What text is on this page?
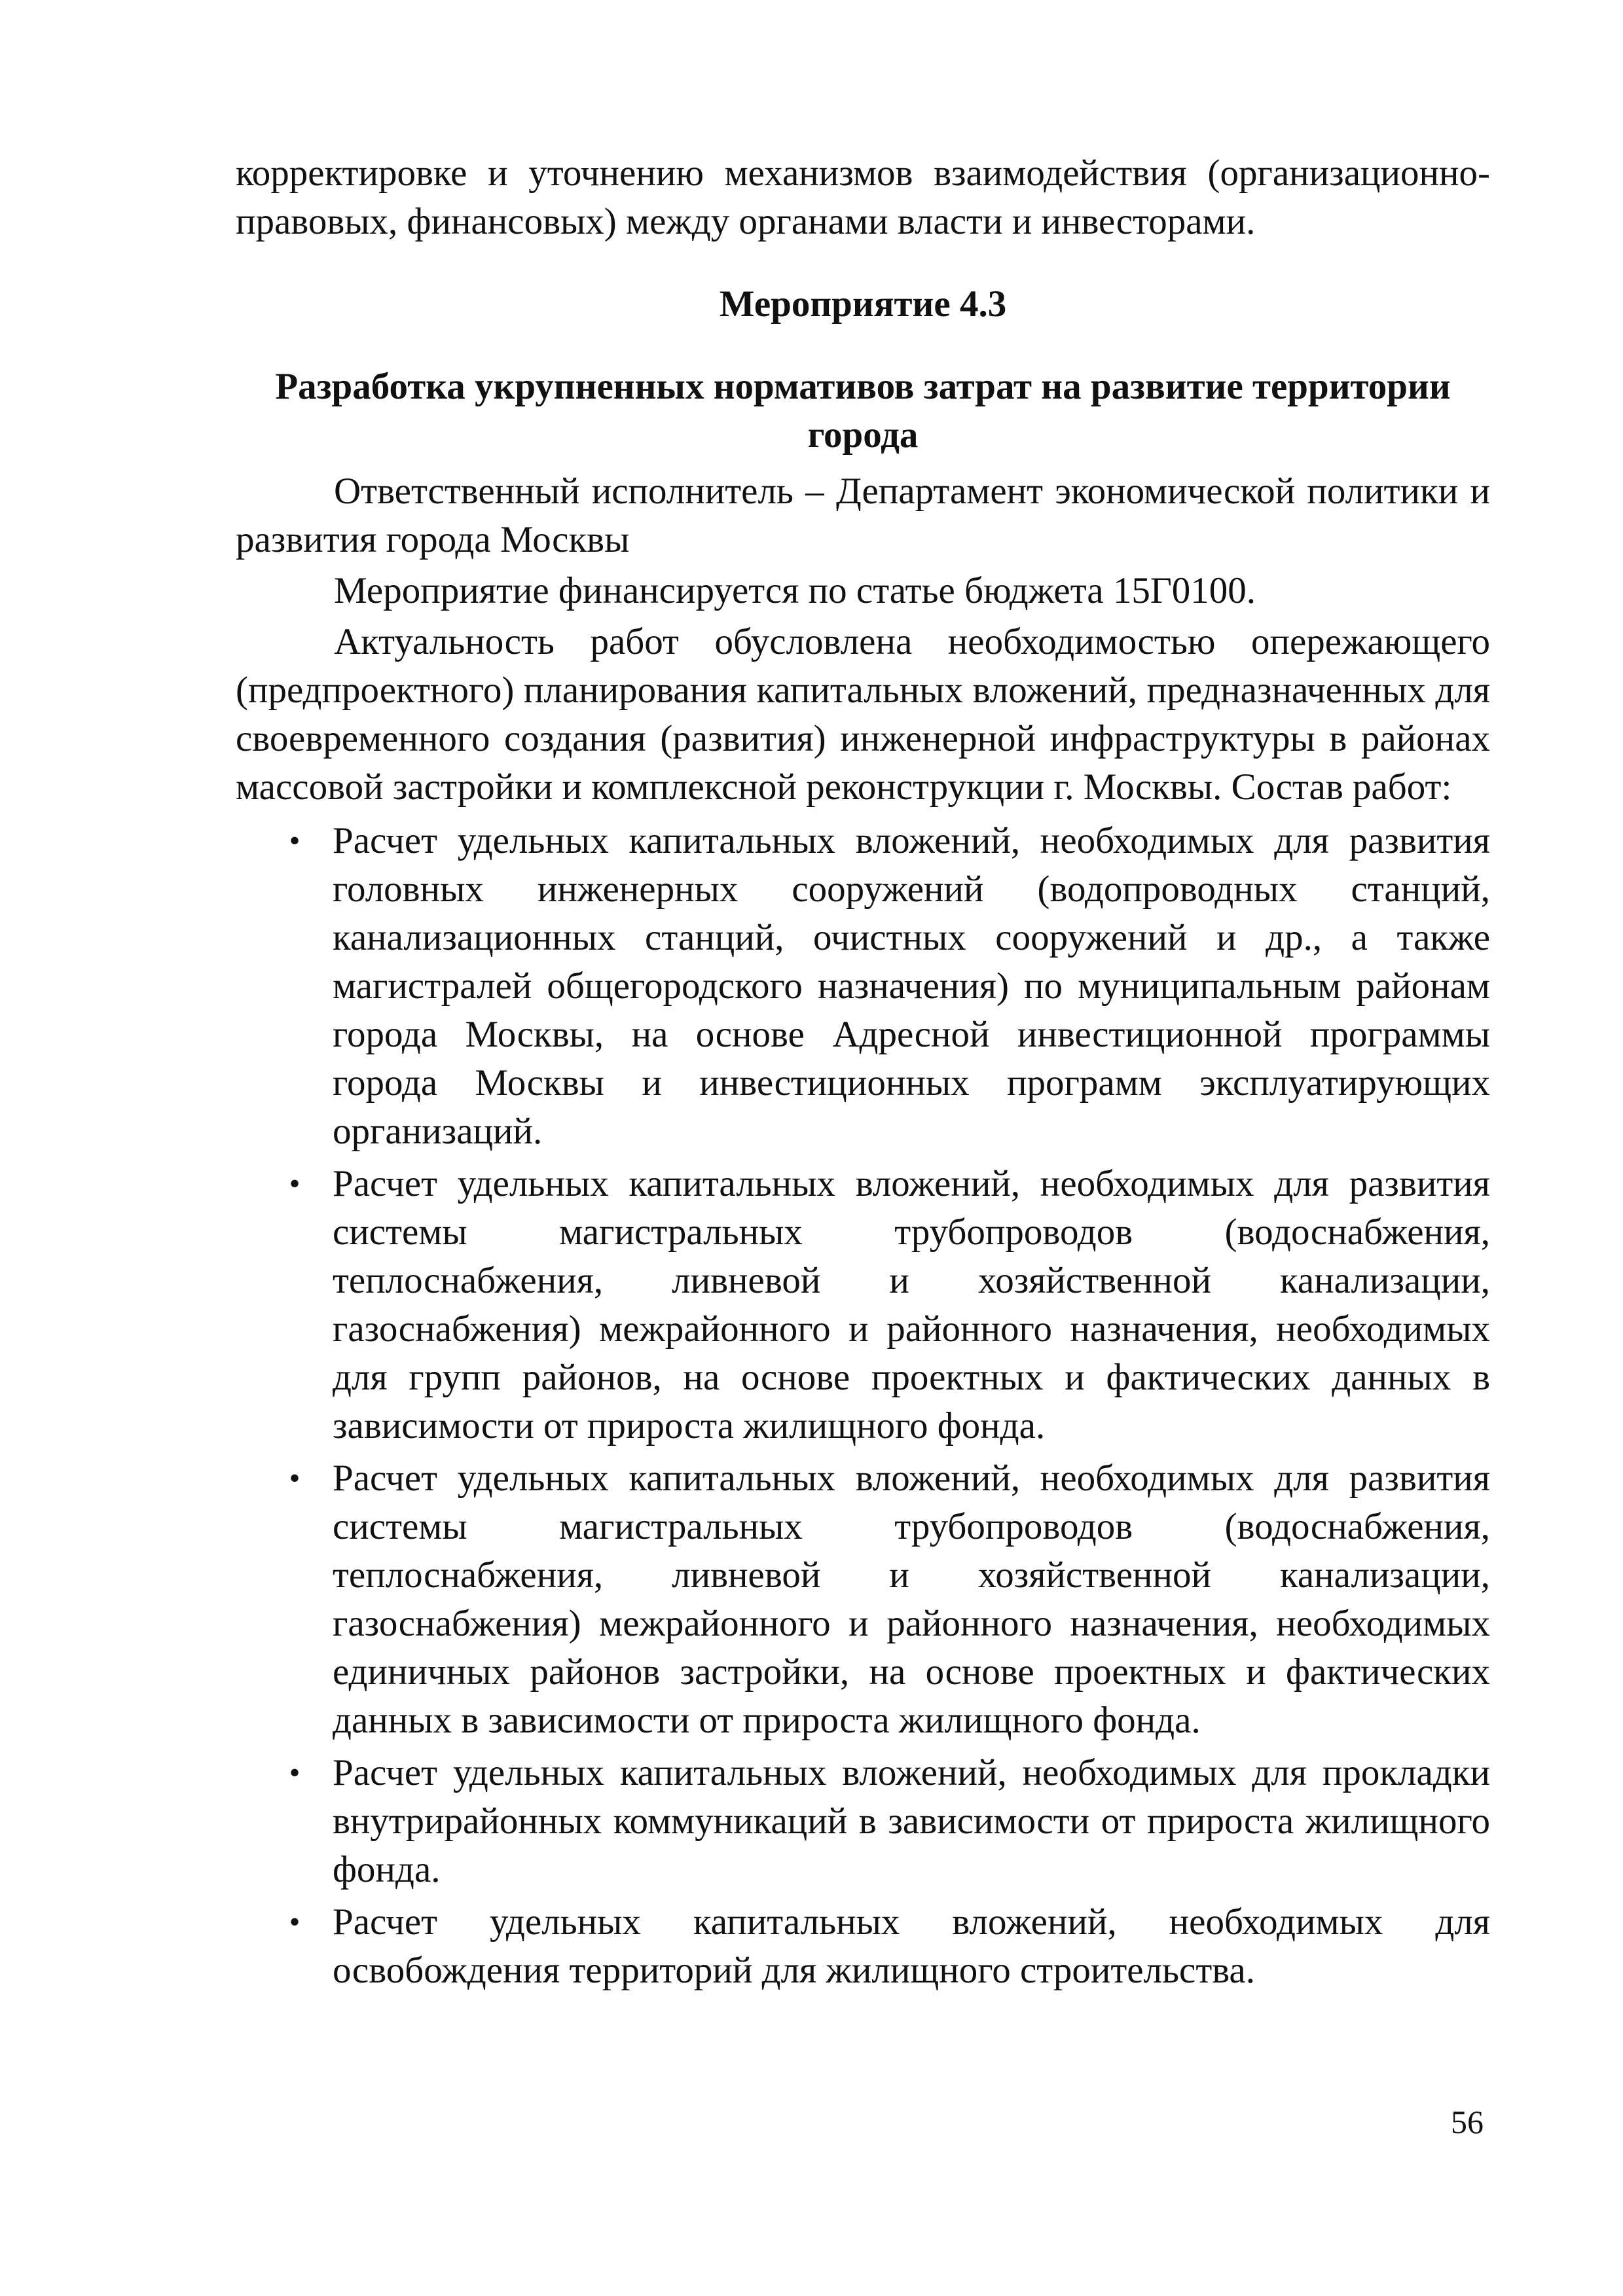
корректировке и уточнению механизмов взаимодействия (организационно-правовых, финансовых) между органами власти и инвесторами.

Мероприятие 4.3
Разработка укрупненных нормативов затрат на развитие территории города

Ответственный исполнитель – Департамент экономической политики и развития города Москвы

Мероприятие финансируется по статье бюджета 15Г0100.

Актуальность работ обусловлена необходимостью опережающего (предпроектного) планирования капитальных вложений, предназначенных для своевременного создания (развития) инженерной инфраструктуры в районах массовой застройки и комплексной реконструкции г. Москвы. Состав работ:

• Расчет удельных капитальных вложений, необходимых для развития головных инженерных сооружений (водопроводных станций, канализационных станций, очистных сооружений и др., а также магистралей общегородского назначения) по муниципальным районам города Москвы, на основе Адресной инвестиционной программы города Москвы и инвестиционных программ эксплуатирующих организаций.
• Расчет удельных капитальных вложений, необходимых для развития системы магистральных трубопроводов (водоснабжения, теплоснабжения, ливневой и хозяйственной канализации, газоснабжения) межрайонного и районного назначения, необходимых для групп районов, на основе проектных и фактических данных в зависимости от прироста жилищного фонда.
• Расчет удельных капитальных вложений, необходимых для развития системы магистральных трубопроводов (водоснабжения, теплоснабжения, ливневой и хозяйственной канализации, газоснабжения) межрайонного и районного назначения, необходимых единичных районов застройки, на основе проектных и фактических данных в зависимости от прироста жилищного фонда.
• Расчет удельных капитальных вложений, необходимых для прокладки внутрирайонных коммуникаций в зависимости от прироста жилищного фонда.
• Расчет удельных капитальных вложений, необходимых для освобождения территорий для жилищного строительства.
56
